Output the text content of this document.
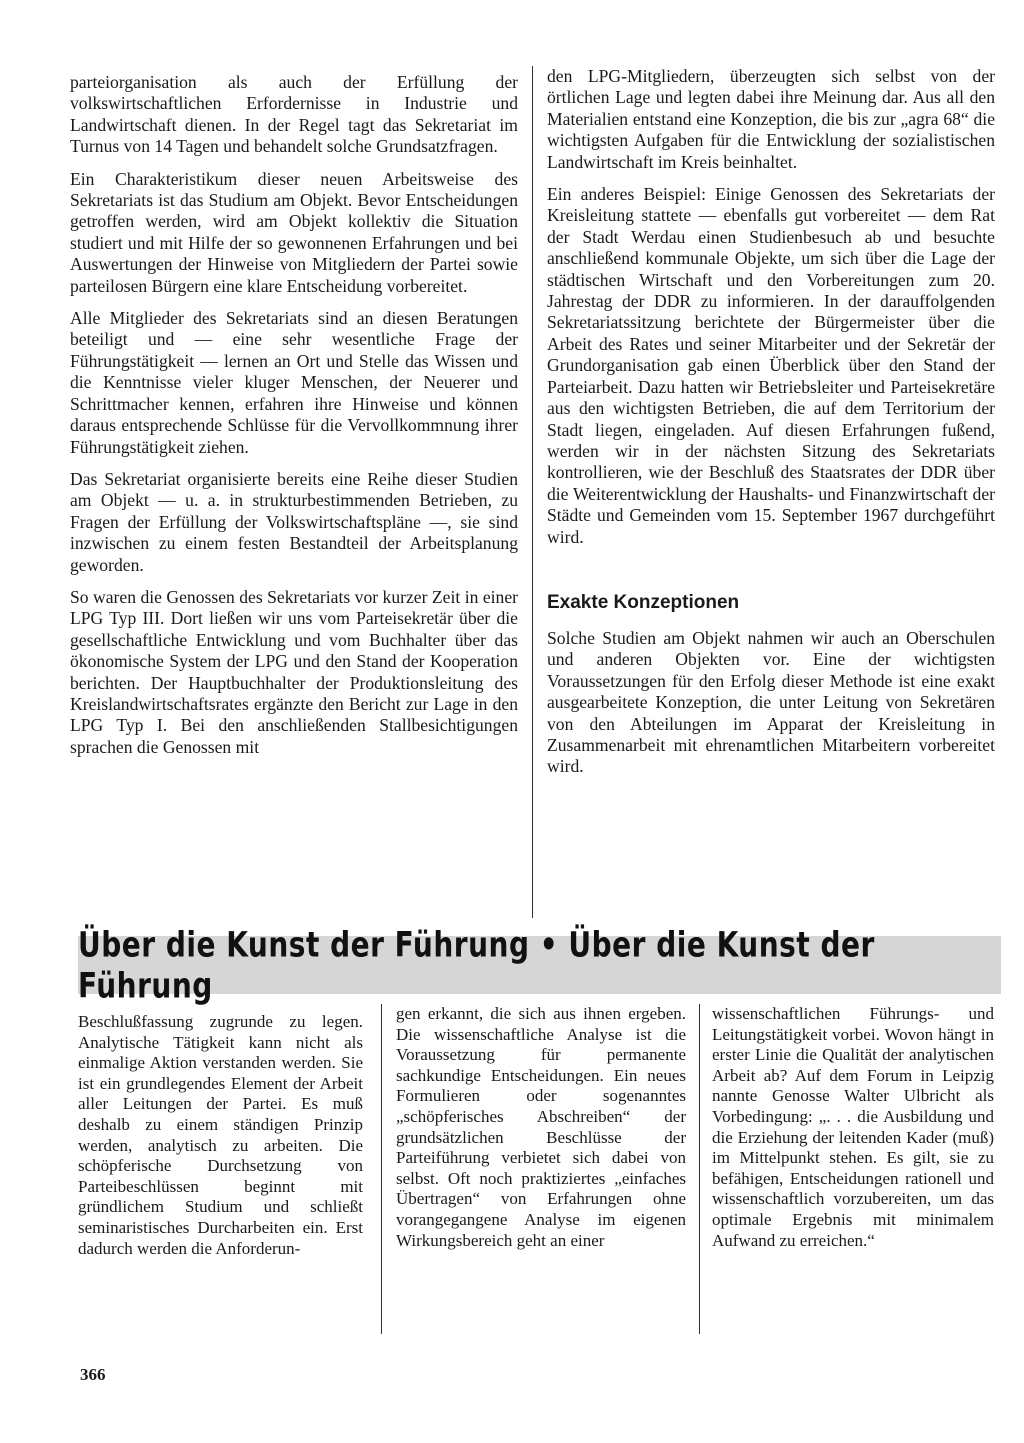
parteiorganisation als auch der Erfüllung der volkswirtschaftlichen Erfordernisse in Industrie und Landwirtschaft dienen. In der Regel tagt das Sekretariat im Turnus von 14 Tagen und behandelt solche Grundsatzfragen.

Ein Charakteristikum dieser neuen Arbeitsweise des Sekretariats ist das Studium am Objekt. Bevor Entscheidungen getroffen werden, wird am Objekt kollektiv die Situation studiert und mit Hilfe der so gewonnenen Erfahrungen und bei Auswertungen der Hinweise von Mitgliedern der Partei sowie parteilosen Bürgern eine klare Entscheidung vorbereitet.

Alle Mitglieder des Sekretariats sind an diesen Beratungen beteiligt und — eine sehr wesentliche Frage der Führungstätigkeit — lernen an Ort und Stelle das Wissen und die Kenntnisse vieler kluger Menschen, der Neuerer und Schrittmacher kennen, erfahren ihre Hinweise und können daraus entsprechende Schlüsse für die Vervollkommnung ihrer Führungstätigkeit ziehen.

Das Sekretariat organisierte bereits eine Reihe dieser Studien am Objekt — u. a. in strukturbestimmenden Betrieben, zu Fragen der Erfüllung der Volkswirtschaftspläne —, sie sind inzwischen zu einem festen Bestandteil der Arbeitsplanung geworden.

So waren die Genossen des Sekretariats vor kurzer Zeit in einer LPG Typ III. Dort ließen wir uns vom Parteisekretär über die gesellschaftliche Entwicklung und vom Buchhalter über das ökonomische System der LPG und den Stand der Kooperation berichten. Der Hauptbuchhalter der Produktionsleitung des Kreislandwirtschaftsrates ergänzte den Bericht zur Lage in den LPG Typ I. Bei den anschließenden Stallbesichtigungen sprachen die Genossen mit

den LPG-Mitgliedern, überzeugten sich selbst von der örtlichen Lage und legten dabei ihre Meinung dar. Aus all den Materialien entstand eine Konzeption, die bis zur „agra 68“ die wichtigsten Aufgaben für die Entwicklung der sozialistischen Landwirtschaft im Kreis beinhaltet.

Ein anderes Beispiel: Einige Genossen des Sekretariats der Kreisleitung stattete — ebenfalls gut vorbereitet — dem Rat der Stadt Werdau einen Studienbesuch ab und besuchte anschließend kommunale Objekte, um sich über die Lage der städtischen Wirtschaft und den Vorbereitungen zum 20. Jahrestag der DDR zu informieren. In der darauffolgenden Sekretariatssitzung berichtete der Bürgermeister über die Arbeit des Rates und seiner Mitarbeiter und der Sekretär der Grundorganisation gab einen Überblick über den Stand der Parteiarbeit. Dazu hatten wir Betriebsleiter und Parteisekretäre aus den wichtigsten Betrieben, die auf dem Territorium der Stadt liegen, eingeladen. Auf diesen Erfahrungen fußend, werden wir in der nächsten Sitzung des Sekretariats kontrollieren, wie der Beschluß des Staatsrates der DDR über die Weiterentwicklung der Haushalts- und Finanzwirtschaft der Städte und Gemeinden vom 15. September 1967 durchgeführt wird.

Exakte Konzeptionen

Solche Studien am Objekt nahmen wir auch an Oberschulen und anderen Objekten vor. Eine der wichtigsten Voraussetzungen für den Erfolg dieser Methode ist eine exakt ausgearbeitete Konzeption, die unter Leitung von Sekretären von den Abteilungen im Apparat der Kreisleitung in Zusammenarbeit mit ehrenamtlichen Mitarbeitern vorbereitet wird.

Über die Kunst der Führung • Über die Kunst der Führung

Beschlußfassung zugrunde zu legen. Analytische Tätigkeit kann nicht als einmalige Aktion verstanden werden. Sie ist ein grundlegendes Element der Arbeit aller Leitungen der Partei. Es muß deshalb zu einem ständigen Prinzip werden, analytisch zu arbeiten. Die schöpferische Durchsetzung von Parteibeschlüssen beginnt mit gründlichem Studium und schließt seminaristisches Durcharbeiten ein. Erst dadurch werden die Anforderun-

gen erkannt, die sich aus ihnen ergeben. Die wissenschaftliche Analyse ist die Voraussetzung für permanente sachkundige Entscheidungen. Ein neues Formulieren oder sogenanntes „schöpferisches Abschreiben“ der grundsätzlichen Beschlüsse der Parteiführung verbietet sich dabei von selbst. Oft noch praktiziertes „einfaches Übertragen“ von Erfahrungen ohne vorangegangene Analyse im eigenen Wirkungsbereich geht an einer

wissenschaftlichen Führungs- und Leitungstätigkeit vorbei. Wovon hängt in erster Linie die Qualität der analytischen Arbeit ab? Auf dem Forum in Leipzig nannte Genosse Walter Ulbricht als Vorbedingung: „. . . die Ausbildung und die Erziehung der leitenden Kader (muß) im Mittelpunkt stehen. Es gilt, sie zu befähigen, Entscheidungen rationell und wissenschaftlich vorzubereiten, um das optimale Ergebnis mit minimalem Aufwand zu erreichen.“

366
